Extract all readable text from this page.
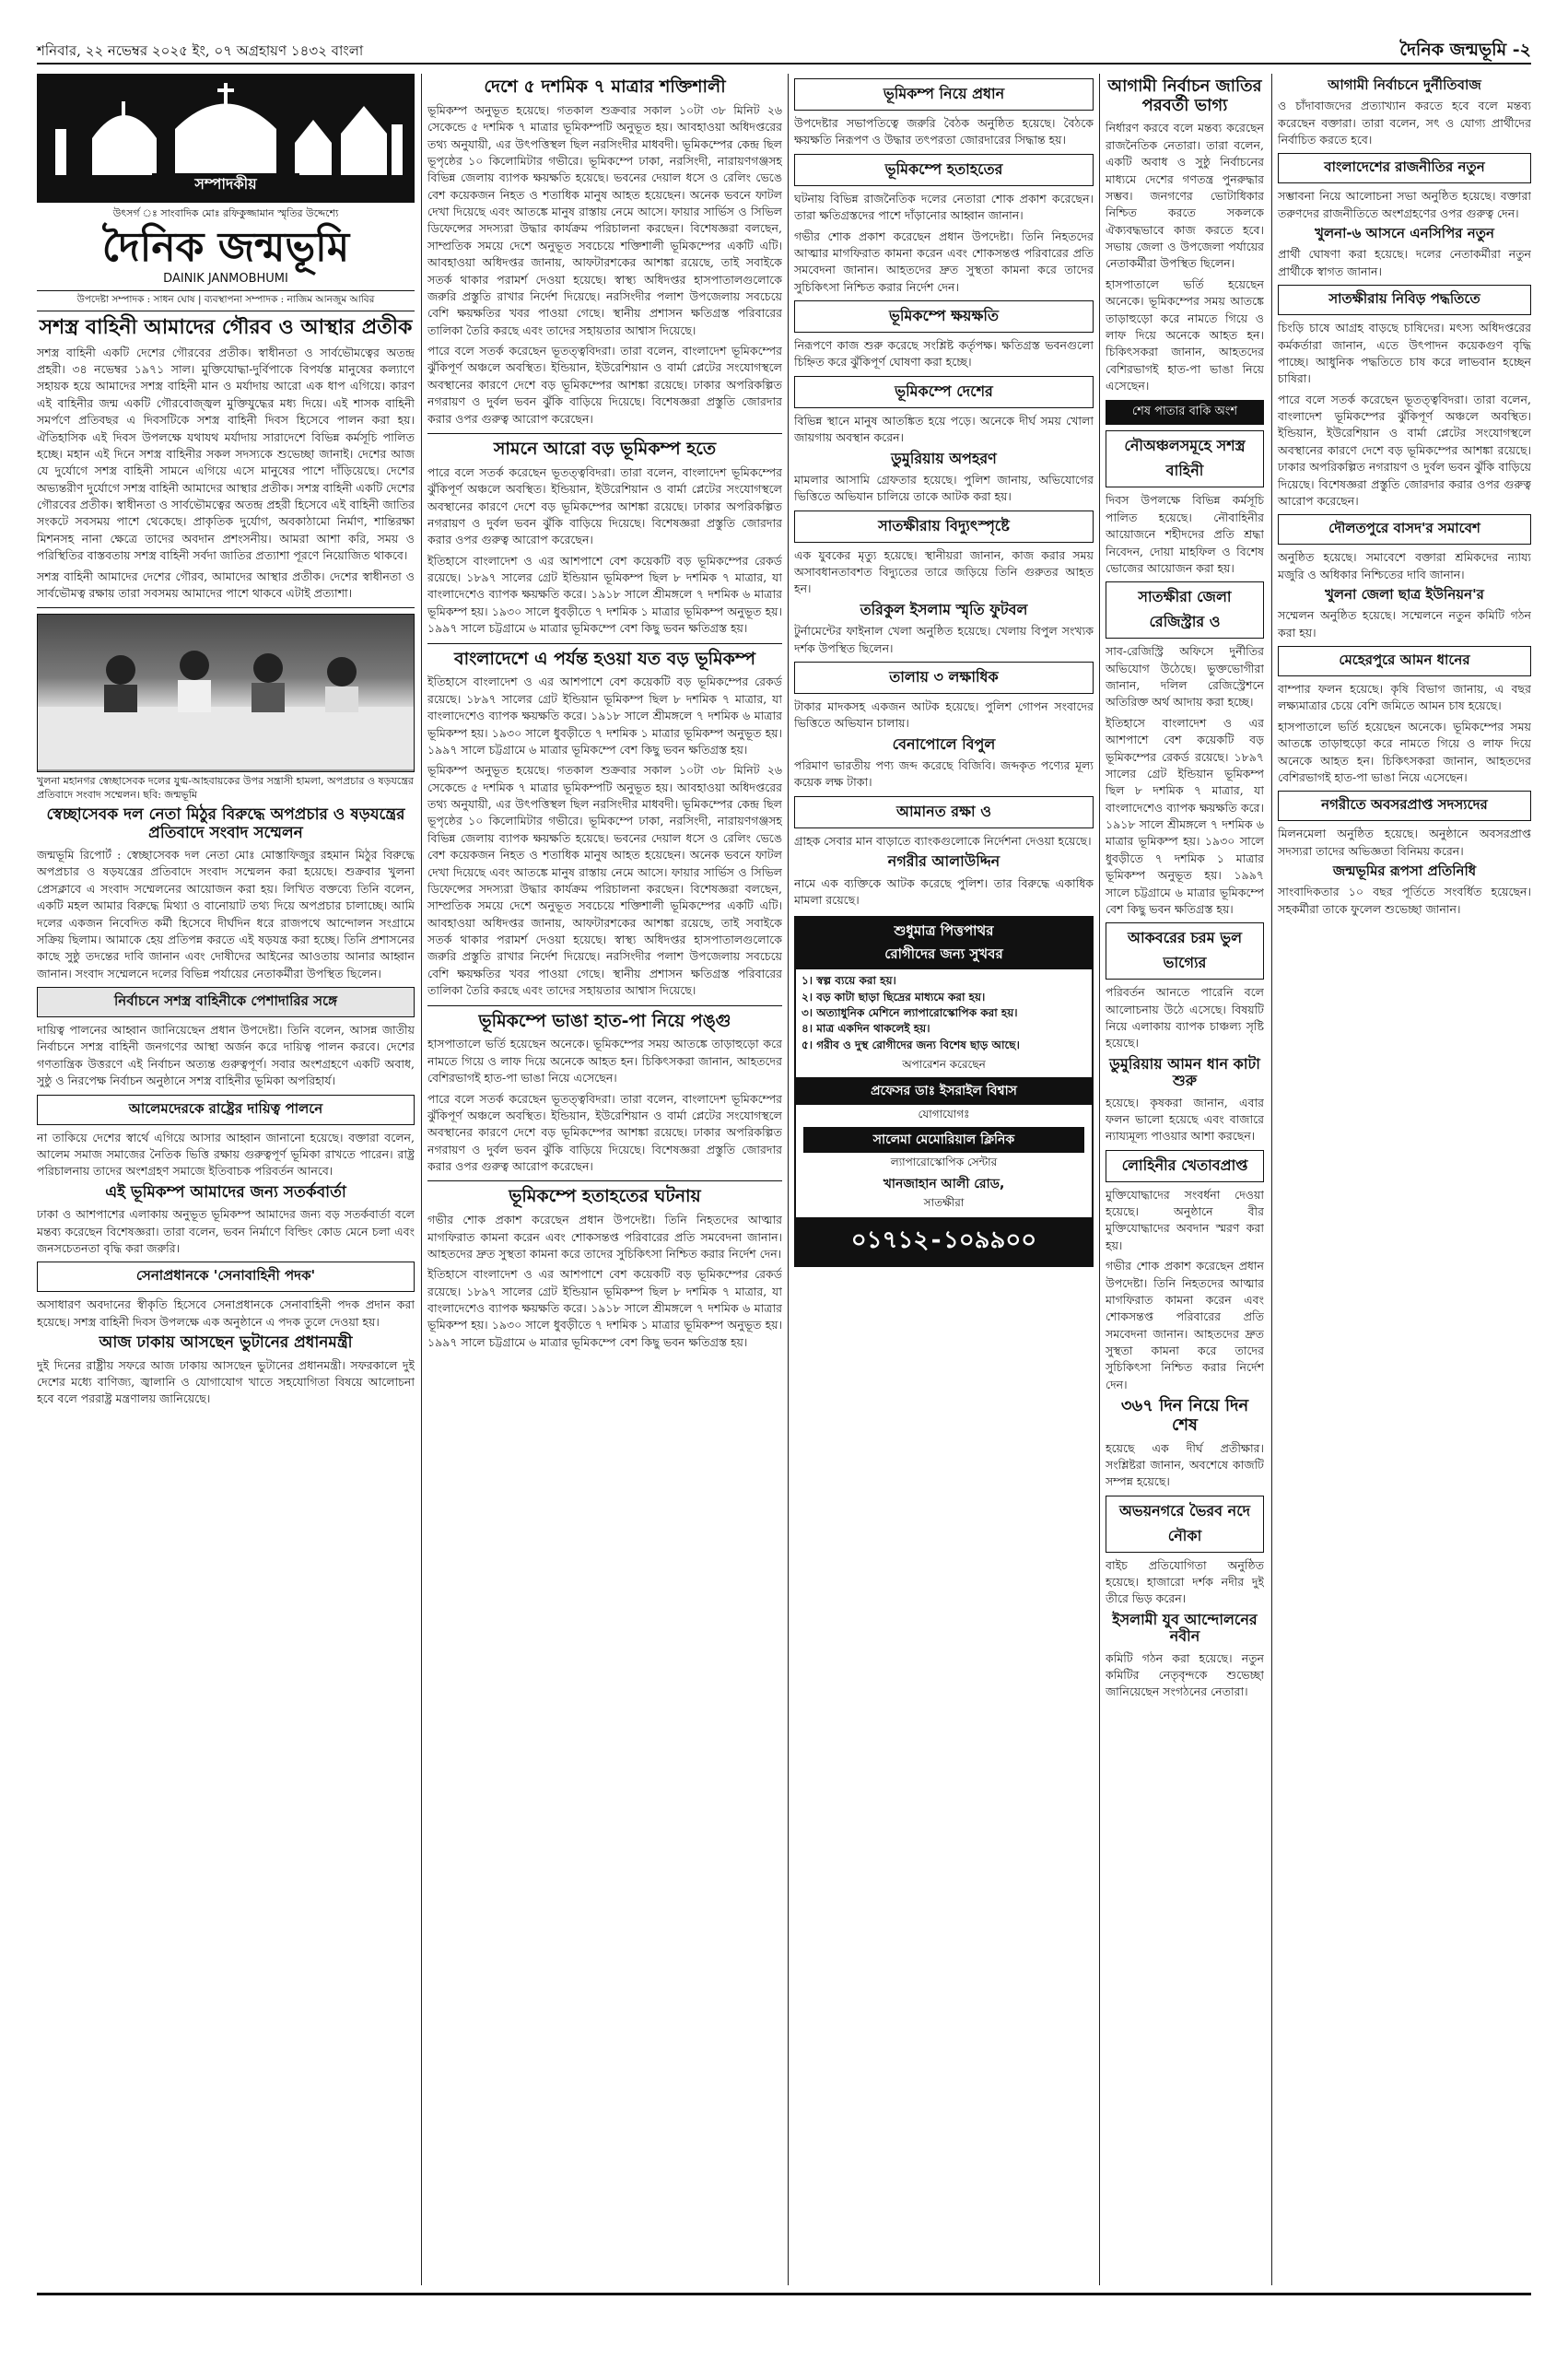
শনিবার, ২২ নভেম্বর ২০২৫ ইং, ০৭ অগ্রহায়ণ ১৪৩২ বাংলা	দৈনিক জন্মভূমি -২
সম্পাদকীয়
উৎসর্গ ঃ সাংবাদিক মোঃ রফিকুজ্জামান স্মৃতির উদ্দেশ্যে
দৈনিক জন্মভূমি
DAINIK JANMOBHUMI
উপদেষ্টা সম্পাদক : সাধন ঘোষ | ব্যবস্থাপনা সম্পাদক : নাজিম আনজুম আবির
সশস্ত্র বাহিনী আমাদের গৌরব ও আস্থার প্রতীক

সশস্ত্র বাহিনী একটি দেশের গৌরবের প্রতীক। স্বাধীনতা ও সার্বভৌমত্বের অতন্দ্র প্রহরী। ৩৪ নভেম্বর ১৯৭১ সাল। মুক্তিযোদ্ধা-দুর্বিপাকে বিপর্যস্ত মানুষের কল্যাণে সহায়ক হয়ে আমাদের সশস্ত্র বাহিনী মান ও মর্যাদায় আরো এক ধাপ এগিয়ে। কারণ এই বাহিনীর জন্ম একটি গৌরবোজ্জ্বল মুক্তিযুদ্ধের মধ্য দিয়ে। এই শাসক বাহিনী সমর্পণে প্রতিবছর এ দিবসটিকে সশস্ত্র বাহিনী দিবস হিসেবে পালন করা হয়। ঐতিহাসিক এই দিবস উপলক্ষে যথাযথ মর্যাদায় সারাদেশে বিভিন্ন কর্মসূচি পালিত হচ্ছে। মহান এই দিনে সশস্ত্র বাহিনীর সকল সদস্যকে শুভেচ্ছা জানাই। দেশের আজ যে দুর্যোগে সশস্ত্র বাহিনী সামনে এগিয়ে এসে মানুষের পাশে দাঁড়িয়েছে। দেশের অভ্যন্তরীণ দুর্যোগে সশস্ত্র বাহিনী আমাদের আস্থার প্রতীক। সশস্ত্র বাহিনী একটি দেশের গৌরবের প্রতীক। স্বাধীনতা ও সার্বভৌমত্বের অতন্দ্র প্রহরী হিসেবে এই বাহিনী জাতির সংকটে সবসময় পাশে থেকেছে। প্রাকৃতিক দুর্যোগ, অবকাঠামো নির্মাণ, শান্তিরক্ষা মিশনসহ নানা ক্ষেত্রে তাদের অবদান প্রশংসনীয়। আমরা আশা করি, সময় ও পরিস্থিতির বাস্তবতায় সশস্ত্র বাহিনী সর্বদা জাতির প্রত্যাশা পূরণে নিয়োজিত থাকবে।

সশস্ত্র বাহিনী আমাদের দেশের গৌরব, আমাদের আস্থার প্রতীক। দেশের স্বাধীনতা ও সার্বভৌমত্ব রক্ষায় তারা সবসময় আমাদের পাশে থাকবে এটাই প্রত্যাশা।

খুলনা মহানগর স্বেচ্ছাসেবক দলের যুগ্ম-আহবায়কের উপর সন্ত্রাসী হামলা, অপপ্রচার ও ষড়যন্ত্রের প্রতিবাদে সংবাদ সম্মেলন। ছবি: জন্মভূমি
স্বেচ্ছাসেবক দল নেতা মিঠুর বিরুদ্ধে অপপ্রচার ও ষড়যন্ত্রের প্রতিবাদে সংবাদ সম্মেলন

জন্মভূমি রিপোর্ট : স্বেচ্ছাসেবক দল নেতা মোঃ মোস্তাফিজুর রহমান মিঠুর বিরুদ্ধে অপপ্রচার ও ষড়যন্ত্রের প্রতিবাদে সংবাদ সম্মেলন করা হয়েছে। শুক্রবার খুলনা প্রেসক্লাবে এ সংবাদ সম্মেলনের আয়োজন করা হয়। লিখিত বক্তব্যে তিনি বলেন, একটি মহল আমার বিরুদ্ধে মিথ্যা ও বানোয়াট তথ্য দিয়ে অপপ্রচার চালাচ্ছে। আমি দলের একজন নিবেদিত কর্মী হিসেবে দীর্ঘদিন ধরে রাজপথে আন্দোলন সংগ্রামে সক্রিয় ছিলাম। আমাকে হেয় প্রতিপন্ন করতে এই ষড়যন্ত্র করা হচ্ছে। তিনি প্রশাসনের কাছে সুষ্ঠু তদন্তের দাবি জানান এবং দোষীদের আইনের আওতায় আনার আহ্বান জানান। সংবাদ সম্মেলনে দলের বিভিন্ন পর্যায়ের নেতাকর্মীরা উপস্থিত ছিলেন।

নির্বাচনে সশস্ত্র বাহিনীকে পেশাদারির সঙ্গে

দায়িত্ব পালনের আহ্বান জানিয়েছেন প্রধান উপদেষ্টা। তিনি বলেন, আসন্ন জাতীয় নির্বাচনে সশস্ত্র বাহিনী জনগণের আস্থা অর্জন করে দায়িত্ব পালন করবে। দেশের গণতান্ত্রিক উত্তরণে এই নির্বাচন অত্যন্ত গুরুত্বপূর্ণ। সবার অংশগ্রহণে একটি অবাধ, সুষ্ঠু ও নিরপেক্ষ নির্বাচন অনুষ্ঠানে সশস্ত্র বাহিনীর ভূমিকা অপরিহার্য।

আলেমদেরকে রাষ্ট্রের দায়িত্ব পালনে

না তাকিয়ে দেশের স্বার্থে এগিয়ে আসার আহ্বান জানানো হয়েছে। বক্তারা বলেন, আলেম সমাজ সমাজের নৈতিক ভিত্তি রক্ষায় গুরুত্বপূর্ণ ভূমিকা রাখতে পারেন। রাষ্ট্র পরিচালনায় তাদের অংশগ্রহণ সমাজে ইতিবাচক পরিবর্তন আনবে।

এই ভূমিকম্প আমাদের জন্য সতর্কবার্তা

ঢাকা ও আশপাশের এলাকায় অনুভূত ভূমিকম্প আমাদের জন্য বড় সতর্কবার্তা বলে মন্তব্য করেছেন বিশেষজ্ঞরা। তারা বলেন, ভবন নির্মাণে বিল্ডিং কোড মেনে চলা এবং জনসচেতনতা বৃদ্ধি করা জরুরি।

সেনাপ্রধানকে 'সেনাবাহিনী পদক'

অসাধারণ অবদানের স্বীকৃতি হিসেবে সেনাপ্রধানকে সেনাবাহিনী পদক প্রদান করা হয়েছে। সশস্ত্র বাহিনী দিবস উপলক্ষে এক অনুষ্ঠানে এ পদক তুলে দেওয়া হয়।

আজ ঢাকায় আসছেন ভুটানের প্রধানমন্ত্রী

দুই দিনের রাষ্ট্রীয় সফরে আজ ঢাকায় আসছেন ভুটানের প্রধানমন্ত্রী। সফরকালে দুই দেশের মধ্যে বাণিজ্য, জ্বালানি ও যোগাযোগ খাতে সহযোগিতা বিষয়ে আলোচনা হবে বলে পররাষ্ট্র মন্ত্রণালয় জানিয়েছে।

দেশে ৫ দশমিক ৭ মাত্রার শক্তিশালী

ভূমিকম্প অনুভূত হয়েছে। গতকাল শুক্রবার সকাল ১০টা ৩৮ মিনিট ২৬ সেকেন্ডে ৫ দশমিক ৭ মাত্রার ভূমিকম্পটি অনুভূত হয়। আবহাওয়া অধিদপ্তরের তথ্য অনুযায়ী, এর উৎপত্তিস্থল ছিল নরসিংদীর মাধবদী। ভূমিকম্পের কেন্দ্র ছিল ভূপৃষ্ঠের ১০ কিলোমিটার গভীরে। ভূমিকম্পে ঢাকা, নরসিংদী, নারায়ণগঞ্জসহ বিভিন্ন জেলায় ব্যাপক ক্ষয়ক্ষতি হয়েছে। ভবনের দেয়াল ধসে ও রেলিং ভেঙে বেশ কয়েকজন নিহত ও শতাধিক মানুষ আহত হয়েছেন। অনেক ভবনে ফাটল দেখা দিয়েছে এবং আতঙ্কে মানুষ রাস্তায় নেমে আসে। ফায়ার সার্ভিস ও সিভিল ডিফেন্সের সদস্যরা উদ্ধার কার্যক্রম পরিচালনা করছেন। বিশেষজ্ঞরা বলছেন, সাম্প্রতিক সময়ে দেশে অনুভূত সবচেয়ে শক্তিশালী ভূমিকম্পের একটি এটি। আবহাওয়া অধিদপ্তর জানায়, আফটারশকের আশঙ্কা রয়েছে, তাই সবাইকে সতর্ক থাকার পরামর্শ দেওয়া হয়েছে। স্বাস্থ্য অধিদপ্তর হাসপাতালগুলোকে জরুরি প্রস্তুতি রাখার নির্দেশ দিয়েছে। নরসিংদীর পলাশ উপজেলায় সবচেয়ে বেশি ক্ষয়ক্ষতির খবর পাওয়া গেছে। স্থানীয় প্রশাসন ক্ষতিগ্রস্ত পরিবারের তালিকা তৈরি করছে এবং তাদের সহায়তার আশ্বাস দিয়েছে।

পারে বলে সতর্ক করেছেন ভূতত্ত্ববিদরা। তারা বলেন, বাংলাদেশ ভূমিকম্পের ঝুঁকিপূর্ণ অঞ্চলে অবস্থিত। ইন্ডিয়ান, ইউরেশিয়ান ও বার্মা প্লেটের সংযোগস্থলে অবস্থানের কারণে দেশে বড় ভূমিকম্পের আশঙ্কা রয়েছে। ঢাকার অপরিকল্পিত নগরায়ণ ও দুর্বল ভবন ঝুঁকি বাড়িয়ে দিয়েছে। বিশেষজ্ঞরা প্রস্তুতি জোরদার করার ওপর গুরুত্ব আরোপ করেছেন।

সামনে আরো বড় ভূমিকম্প হতে

পারে বলে সতর্ক করেছেন ভূতত্ত্ববিদরা। তারা বলেন, বাংলাদেশ ভূমিকম্পের ঝুঁকিপূর্ণ অঞ্চলে অবস্থিত। ইন্ডিয়ান, ইউরেশিয়ান ও বার্মা প্লেটের সংযোগস্থলে অবস্থানের কারণে দেশে বড় ভূমিকম্পের আশঙ্কা রয়েছে। ঢাকার অপরিকল্পিত নগরায়ণ ও দুর্বল ভবন ঝুঁকি বাড়িয়ে দিয়েছে। বিশেষজ্ঞরা প্রস্তুতি জোরদার করার ওপর গুরুত্ব আরোপ করেছেন।

ইতিহাসে বাংলাদেশ ও এর আশপাশে বেশ কয়েকটি বড় ভূমিকম্পের রেকর্ড রয়েছে। ১৮৯৭ সালের গ্রেট ইন্ডিয়ান ভূমিকম্প ছিল ৮ দশমিক ৭ মাত্রার, যা বাংলাদেশেও ব্যাপক ক্ষয়ক্ষতি করে। ১৯১৮ সালে শ্রীমঙ্গলে ৭ দশমিক ৬ মাত্রার ভূমিকম্প হয়। ১৯৩০ সালে ধুবড়ীতে ৭ দশমিক ১ মাত্রার ভূমিকম্প অনুভূত হয়। ১৯৯৭ সালে চট্টগ্রামে ৬ মাত্রার ভূমিকম্পে বেশ কিছু ভবন ক্ষতিগ্রস্ত হয়।

বাংলাদেশে এ পর্যন্ত হওয়া যত বড় ভূমিকম্প

ইতিহাসে বাংলাদেশ ও এর আশপাশে বেশ কয়েকটি বড় ভূমিকম্পের রেকর্ড রয়েছে। ১৮৯৭ সালের গ্রেট ইন্ডিয়ান ভূমিকম্প ছিল ৮ দশমিক ৭ মাত্রার, যা বাংলাদেশেও ব্যাপক ক্ষয়ক্ষতি করে। ১৯১৮ সালে শ্রীমঙ্গলে ৭ দশমিক ৬ মাত্রার ভূমিকম্প হয়। ১৯৩০ সালে ধুবড়ীতে ৭ দশমিক ১ মাত্রার ভূমিকম্প অনুভূত হয়। ১৯৯৭ সালে চট্টগ্রামে ৬ মাত্রার ভূমিকম্পে বেশ কিছু ভবন ক্ষতিগ্রস্ত হয়।

ভূমিকম্প অনুভূত হয়েছে। গতকাল শুক্রবার সকাল ১০টা ৩৮ মিনিট ২৬ সেকেন্ডে ৫ দশমিক ৭ মাত্রার ভূমিকম্পটি অনুভূত হয়। আবহাওয়া অধিদপ্তরের তথ্য অনুযায়ী, এর উৎপত্তিস্থল ছিল নরসিংদীর মাধবদী। ভূমিকম্পের কেন্দ্র ছিল ভূপৃষ্ঠের ১০ কিলোমিটার গভীরে। ভূমিকম্পে ঢাকা, নরসিংদী, নারায়ণগঞ্জসহ বিভিন্ন জেলায় ব্যাপক ক্ষয়ক্ষতি হয়েছে। ভবনের দেয়াল ধসে ও রেলিং ভেঙে বেশ কয়েকজন নিহত ও শতাধিক মানুষ আহত হয়েছেন। অনেক ভবনে ফাটল দেখা দিয়েছে এবং আতঙ্কে মানুষ রাস্তায় নেমে আসে। ফায়ার সার্ভিস ও সিভিল ডিফেন্সের সদস্যরা উদ্ধার কার্যক্রম পরিচালনা করছেন। বিশেষজ্ঞরা বলছেন, সাম্প্রতিক সময়ে দেশে অনুভূত সবচেয়ে শক্তিশালী ভূমিকম্পের একটি এটি। আবহাওয়া অধিদপ্তর জানায়, আফটারশকের আশঙ্কা রয়েছে, তাই সবাইকে সতর্ক থাকার পরামর্শ দেওয়া হয়েছে। স্বাস্থ্য অধিদপ্তর হাসপাতালগুলোকে জরুরি প্রস্তুতি রাখার নির্দেশ দিয়েছে। নরসিংদীর পলাশ উপজেলায় সবচেয়ে বেশি ক্ষয়ক্ষতির খবর পাওয়া গেছে। স্থানীয় প্রশাসন ক্ষতিগ্রস্ত পরিবারের তালিকা তৈরি করছে এবং তাদের সহায়তার আশ্বাস দিয়েছে।

ভূমিকম্পে ভাঙা হাত-পা নিয়ে পঙ্গু

হাসপাতালে ভর্তি হয়েছেন অনেকে। ভূমিকম্পের সময় আতঙ্কে তাড়াহুড়ো করে নামতে গিয়ে ও লাফ দিয়ে অনেকে আহত হন। চিকিৎসকরা জানান, আহতদের বেশিরভাগই হাত-পা ভাঙা নিয়ে এসেছেন।

পারে বলে সতর্ক করেছেন ভূতত্ত্ববিদরা। তারা বলেন, বাংলাদেশ ভূমিকম্পের ঝুঁকিপূর্ণ অঞ্চলে অবস্থিত। ইন্ডিয়ান, ইউরেশিয়ান ও বার্মা প্লেটের সংযোগস্থলে অবস্থানের কারণে দেশে বড় ভূমিকম্পের আশঙ্কা রয়েছে। ঢাকার অপরিকল্পিত নগরায়ণ ও দুর্বল ভবন ঝুঁকি বাড়িয়ে দিয়েছে। বিশেষজ্ঞরা প্রস্তুতি জোরদার করার ওপর গুরুত্ব আরোপ করেছেন।

ভূমিকম্পে হতাহতের ঘটনায়

গভীর শোক প্রকাশ করেছেন প্রধান উপদেষ্টা। তিনি নিহতদের আত্মার মাগফিরাত কামনা করেন এবং শোকসন্তপ্ত পরিবারের প্রতি সমবেদনা জানান। আহতদের দ্রুত সুস্থতা কামনা করে তাদের সুচিকিৎসা নিশ্চিত করার নির্দেশ দেন।

ইতিহাসে বাংলাদেশ ও এর আশপাশে বেশ কয়েকটি বড় ভূমিকম্পের রেকর্ড রয়েছে। ১৮৯৭ সালের গ্রেট ইন্ডিয়ান ভূমিকম্প ছিল ৮ দশমিক ৭ মাত্রার, যা বাংলাদেশেও ব্যাপক ক্ষয়ক্ষতি করে। ১৯১৮ সালে শ্রীমঙ্গলে ৭ দশমিক ৬ মাত্রার ভূমিকম্প হয়। ১৯৩০ সালে ধুবড়ীতে ৭ দশমিক ১ মাত্রার ভূমিকম্প অনুভূত হয়। ১৯৯৭ সালে চট্টগ্রামে ৬ মাত্রার ভূমিকম্পে বেশ কিছু ভবন ক্ষতিগ্রস্ত হয়।

ভূমিকম্প নিয়ে প্রধান

উপদেষ্টার সভাপতিত্বে জরুরি বৈঠক অনুষ্ঠিত হয়েছে। বৈঠকে ক্ষয়ক্ষতি নিরূপণ ও উদ্ধার তৎপরতা জোরদারের সিদ্ধান্ত হয়।

ভূমিকম্পে হতাহতের

ঘটনায় বিভিন্ন রাজনৈতিক দলের নেতারা শোক প্রকাশ করেছেন। তারা ক্ষতিগ্রস্তদের পাশে দাঁড়ানোর আহ্বান জানান।

গভীর শোক প্রকাশ করেছেন প্রধান উপদেষ্টা। তিনি নিহতদের আত্মার মাগফিরাত কামনা করেন এবং শোকসন্তপ্ত পরিবারের প্রতি সমবেদনা জানান। আহতদের দ্রুত সুস্থতা কামনা করে তাদের সুচিকিৎসা নিশ্চিত করার নির্দেশ দেন।

ভূমিকম্পে ক্ষয়ক্ষতি

নিরূপণে কাজ শুরু করেছে সংশ্লিষ্ট কর্তৃপক্ষ। ক্ষতিগ্রস্ত ভবনগুলো চিহ্নিত করে ঝুঁকিপূর্ণ ঘোষণা করা হচ্ছে।

ভূমিকম্পে দেশের

বিভিন্ন স্থানে মানুষ আতঙ্কিত হয়ে পড়ে। অনেকে দীর্ঘ সময় খোলা জায়গায় অবস্থান করেন।

ডুমুরিয়ায় অপহরণ

মামলার আসামি গ্রেফতার হয়েছে। পুলিশ জানায়, অভিযোগের ভিত্তিতে অভিযান চালিয়ে তাকে আটক করা হয়।

সাতক্ষীরায় বিদ্যুৎস্পৃষ্টে

এক যুবকের মৃত্যু হয়েছে। স্থানীয়রা জানান, কাজ করার সময় অসাবধানতাবশত বিদ্যুতের তারে জড়িয়ে তিনি গুরুতর আহত হন।

তরিকুল ইসলাম স্মৃতি ফুটবল

টুর্নামেন্টের ফাইনাল খেলা অনুষ্ঠিত হয়েছে। খেলায় বিপুল সংখ্যক দর্শক উপস্থিত ছিলেন।

তালায় ৩ লক্ষাধিক

টাকার মাদকসহ একজন আটক হয়েছে। পুলিশ গোপন সংবাদের ভিত্তিতে অভিযান চালায়।

বেনাপোলে বিপুল

পরিমাণ ভারতীয় পণ্য জব্দ করেছে বিজিবি। জব্দকৃত পণ্যের মূল্য কয়েক লক্ষ টাকা।

আমানত রক্ষা ও

গ্রাহক সেবার মান বাড়াতে ব্যাংকগুলোকে নির্দেশনা দেওয়া হয়েছে।

নগরীর আলাউদ্দিন

নামে এক ব্যক্তিকে আটক করেছে পুলিশ। তার বিরুদ্ধে একাধিক মামলা রয়েছে।

শুধুমাত্র পিত্তপাথর
রোগীদের জন্য সুখবর
১। স্বল্প ব্যয়ে করা হয়।
২। বড় কাটা ছাড়া ছিদ্রের মাধ্যমে করা হয়।
৩। অত্যাধুনিক মেশিনে ল্যাপারোস্কোপিক করা হয়।
৪। মাত্র একদিন থাকলেই হয়।
৫। গরীব ও দুস্থ রোগীদের জন্য বিশেষ ছাড় আছে।
অপারেশন করেছেন
প্রফেসর ডাঃ ইসরাইল বিশ্বাস
যোগাযোগঃ
সালেমা মেমোরিয়াল ক্লিনিক
ল্যাপারোস্কোপিক সেন্টার
খানজাহান আলী রোড,
সাতক্ষীরা
০১৭১২-১০৯৯০০
আগামী নির্বাচন জাতির পরবর্তী ভাগ্য

নির্ধারণ করবে বলে মন্তব্য করেছেন রাজনৈতিক নেতারা। তারা বলেন, একটি অবাধ ও সুষ্ঠু নির্বাচনের মাধ্যমে দেশের গণতন্ত্র পুনরুদ্ধার সম্ভব। জনগণের ভোটাধিকার নিশ্চিত করতে সকলকে ঐক্যবদ্ধভাবে কাজ করতে হবে। সভায় জেলা ও উপজেলা পর্যায়ের নেতাকর্মীরা উপস্থিত ছিলেন।

হাসপাতালে ভর্তি হয়েছেন অনেকে। ভূমিকম্পের সময় আতঙ্কে তাড়াহুড়ো করে নামতে গিয়ে ও লাফ দিয়ে অনেকে আহত হন। চিকিৎসকরা জানান, আহতদের বেশিরভাগই হাত-পা ভাঙা নিয়ে এসেছেন।

শেষ পাতার বাকি অংশ
নৌঅঞ্চলসমূহে সশস্ত্র বাহিনী

দিবস উপলক্ষে বিভিন্ন কর্মসূচি পালিত হয়েছে। নৌবাহিনীর আয়োজনে শহীদদের প্রতি শ্রদ্ধা নিবেদন, দোয়া মাহফিল ও বিশেষ ভোজের আয়োজন করা হয়।

সাতক্ষীরা জেলা রেজিস্ট্রার ও

সাব-রেজিস্ট্রি অফিসে দুর্নীতির অভিযোগ উঠেছে। ভুক্তভোগীরা জানান, দলিল রেজিস্ট্রেশনে অতিরিক্ত অর্থ আদায় করা হচ্ছে।

ইতিহাসে বাংলাদেশ ও এর আশপাশে বেশ কয়েকটি বড় ভূমিকম্পের রেকর্ড রয়েছে। ১৮৯৭ সালের গ্রেট ইন্ডিয়ান ভূমিকম্প ছিল ৮ দশমিক ৭ মাত্রার, যা বাংলাদেশেও ব্যাপক ক্ষয়ক্ষতি করে। ১৯১৮ সালে শ্রীমঙ্গলে ৭ দশমিক ৬ মাত্রার ভূমিকম্প হয়। ১৯৩০ সালে ধুবড়ীতে ৭ দশমিক ১ মাত্রার ভূমিকম্প অনুভূত হয়। ১৯৯৭ সালে চট্টগ্রামে ৬ মাত্রার ভূমিকম্পে বেশ কিছু ভবন ক্ষতিগ্রস্ত হয়।

আকবরের চরম ভুল ভাগ্যের

পরিবর্তন আনতে পারেনি বলে আলোচনায় উঠে এসেছে। বিষয়টি নিয়ে এলাকায় ব্যাপক চাঞ্চল্য সৃষ্টি হয়েছে।

ডুমুরিয়ায় আমন ধান কাটা শুরু

হয়েছে। কৃষকরা জানান, এবার ফলন ভালো হয়েছে এবং বাজারে ন্যায্যমূল্য পাওয়ার আশা করছেন।

লোহিনীর খেতাবপ্রাপ্ত

মুক্তিযোদ্ধাদের সংবর্ধনা দেওয়া হয়েছে। অনুষ্ঠানে বীর মুক্তিযোদ্ধাদের অবদান স্মরণ করা হয়।

গভীর শোক প্রকাশ করেছেন প্রধান উপদেষ্টা। তিনি নিহতদের আত্মার মাগফিরাত কামনা করেন এবং শোকসন্তপ্ত পরিবারের প্রতি সমবেদনা জানান। আহতদের দ্রুত সুস্থতা কামনা করে তাদের সুচিকিৎসা নিশ্চিত করার নির্দেশ দেন।

৩৬৭ দিন নিয়ে দিন শেষ

হয়েছে এক দীর্ঘ প্রতীক্ষার। সংশ্লিষ্টরা জানান, অবশেষে কাজটি সম্পন্ন হয়েছে।

অভয়নগরে ভৈরব নদে নৌকা

বাইচ প্রতিযোগিতা অনুষ্ঠিত হয়েছে। হাজারো দর্শক নদীর দুই তীরে ভিড় করেন।

ইসলামী যুব আন্দোলনের নবীন

কমিটি গঠন করা হয়েছে। নতুন কমিটির নেতৃবৃন্দকে শুভেচ্ছা জানিয়েছেন সংগঠনের নেতারা।

আগামী নির্বাচনে দুর্নীতিবাজ

ও চাঁদাবাজদের প্রত্যাখ্যান করতে হবে বলে মন্তব্য করেছেন বক্তারা। তারা বলেন, সৎ ও যোগ্য প্রার্থীদের নির্বাচিত করতে হবে।

বাংলাদেশের রাজনীতির নতুন

সম্ভাবনা নিয়ে আলোচনা সভা অনুষ্ঠিত হয়েছে। বক্তারা তরুণদের রাজনীতিতে অংশগ্রহণের ওপর গুরুত্ব দেন।

খুলনা-৬ আসনে এনসিপির নতুন

প্রার্থী ঘোষণা করা হয়েছে। দলের নেতাকর্মীরা নতুন প্রার্থীকে স্বাগত জানান।

সাতক্ষীরায় নিবিড় পদ্ধতিতে

চিংড়ি চাষে আগ্রহ বাড়ছে চাষিদের। মৎস্য অধিদপ্তরের কর্মকর্তারা জানান, এতে উৎপাদন কয়েকগুণ বৃদ্ধি পাচ্ছে। আধুনিক পদ্ধতিতে চাষ করে লাভবান হচ্ছেন চাষিরা।

পারে বলে সতর্ক করেছেন ভূতত্ত্ববিদরা। তারা বলেন, বাংলাদেশ ভূমিকম্পের ঝুঁকিপূর্ণ অঞ্চলে অবস্থিত। ইন্ডিয়ান, ইউরেশিয়ান ও বার্মা প্লেটের সংযোগস্থলে অবস্থানের কারণে দেশে বড় ভূমিকম্পের আশঙ্কা রয়েছে। ঢাকার অপরিকল্পিত নগরায়ণ ও দুর্বল ভবন ঝুঁকি বাড়িয়ে দিয়েছে। বিশেষজ্ঞরা প্রস্তুতি জোরদার করার ওপর গুরুত্ব আরোপ করেছেন।

দৌলতপুরে বাসদ'র সমাবেশ

অনুষ্ঠিত হয়েছে। সমাবেশে বক্তারা শ্রমিকদের ন্যায্য মজুরি ও অধিকার নিশ্চিতের দাবি জানান।

খুলনা জেলা ছাত্র ইউনিয়ন'র

সম্মেলন অনুষ্ঠিত হয়েছে। সম্মেলনে নতুন কমিটি গঠন করা হয়।

মেহেরপুরে আমন ধানের

বাম্পার ফলন হয়েছে। কৃষি বিভাগ জানায়, এ বছর লক্ষ্যমাত্রার চেয়ে বেশি জমিতে আমন চাষ হয়েছে।

হাসপাতালে ভর্তি হয়েছেন অনেকে। ভূমিকম্পের সময় আতঙ্কে তাড়াহুড়ো করে নামতে গিয়ে ও লাফ দিয়ে অনেকে আহত হন। চিকিৎসকরা জানান, আহতদের বেশিরভাগই হাত-পা ভাঙা নিয়ে এসেছেন।

নগরীতে অবসরপ্রাপ্ত সদস্যদের

মিলনমেলা অনুষ্ঠিত হয়েছে। অনুষ্ঠানে অবসরপ্রাপ্ত সদস্যরা তাদের অভিজ্ঞতা বিনিময় করেন।

জন্মভূমির রূপসা প্রতিনিধি

সাংবাদিকতার ১০ বছর পূর্তিতে সংবর্ধিত হয়েছেন। সহকর্মীরা তাকে ফুলেল শুভেচ্ছা জানান।
